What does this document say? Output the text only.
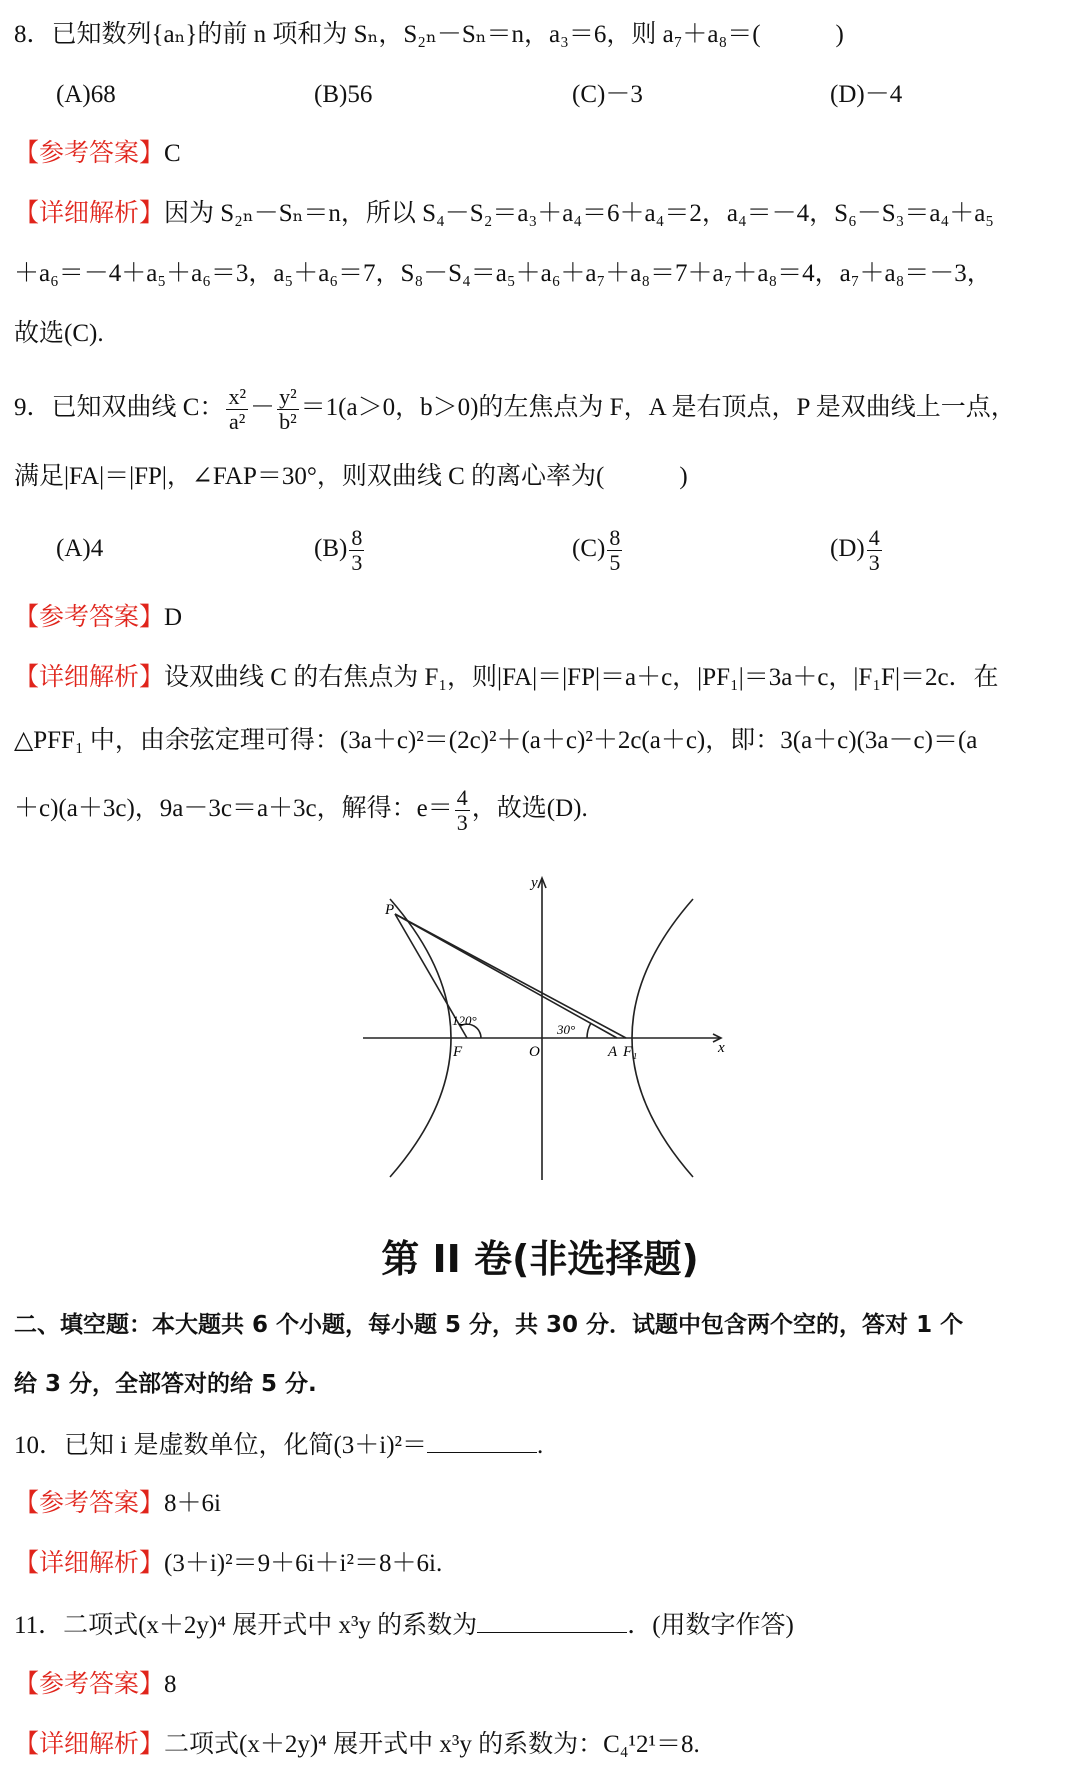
8．已知数列{aₙ}的前 n 项和为 Sₙ，S₂ₙ－Sₙ＝n，a₃＝6，则 a₇＋a₈＝(　　　)
(A)68	(B)56	(C)－3	(D)－4
【参考答案】C
【详细解析】因为 S₂ₙ－Sₙ＝n，所以 S₄－S₂＝a₃＋a₄＝6＋a₄＝2，a₄＝－4，S₆－S₃＝a₄＋a₅
＋a₆＝－4＋a₅＋a₆＝3，a₅＋a₆＝7，S₈－S₄＝a₅＋a₆＋a₇＋a₈＝7＋a₇＋a₈＝4，a₇＋a₈＝－3，
故选(C).
9．已知双曲线 C： $\frac{\text{x²}}{\text{a²}} - \frac{\text{y²}}{\text{b²}} =1(a>0$，b＞0)的左焦点为 F，A 是右顶点，P 是双曲线上一点，
满足|FA|＝|FP|，∠FAP＝30°，则双曲线 C 的离心率为(　　　)
(A)4	$(B) \frac{8}{3}$	$(C) \frac{8}{5}$	$(D) \frac{4}{3}$
【参考答案】D
【详细解析】设双曲线 C 的右焦点为 F₁，则|FA|＝|FP|＝a＋c，|PF₁|＝3a＋c，|F₁F|＝2c．在
△PFF₁ 中，由余弦定理可得：(3a＋c)²＝(2c)²＋(a＋c)²＋2c(a＋c)，即：3(a＋c)(3a－c)＝(a
＋c)(a＋3c)，9a－3c＝a＋3c，解得：$e= \frac{4}{3}$ ，故选(D).
y
x
P
F	O	A F₁
120°
30°
第 II 卷(非选择题)
二、填空题：本大题共 6 个小题，每小题 5 分，共 30 分．试题中包含两个空的，答对 1 个
给 3 分，全部答对的给 5 分.
10．已知 i 是虚数单位，化简(3＋i)²＝	.
【参考答案】8＋6i
【详细解析】(3＋i)²＝9＋6i＋i²＝8＋6i.
11．二项式(x＋2y)⁴ 展开式中 x³y 的系数为	．(用数字作答)
【参考答案】8
【详细解析】二项式(x＋2y)⁴ 展开式中 x³y 的系数为：C₄¹2¹＝8.
